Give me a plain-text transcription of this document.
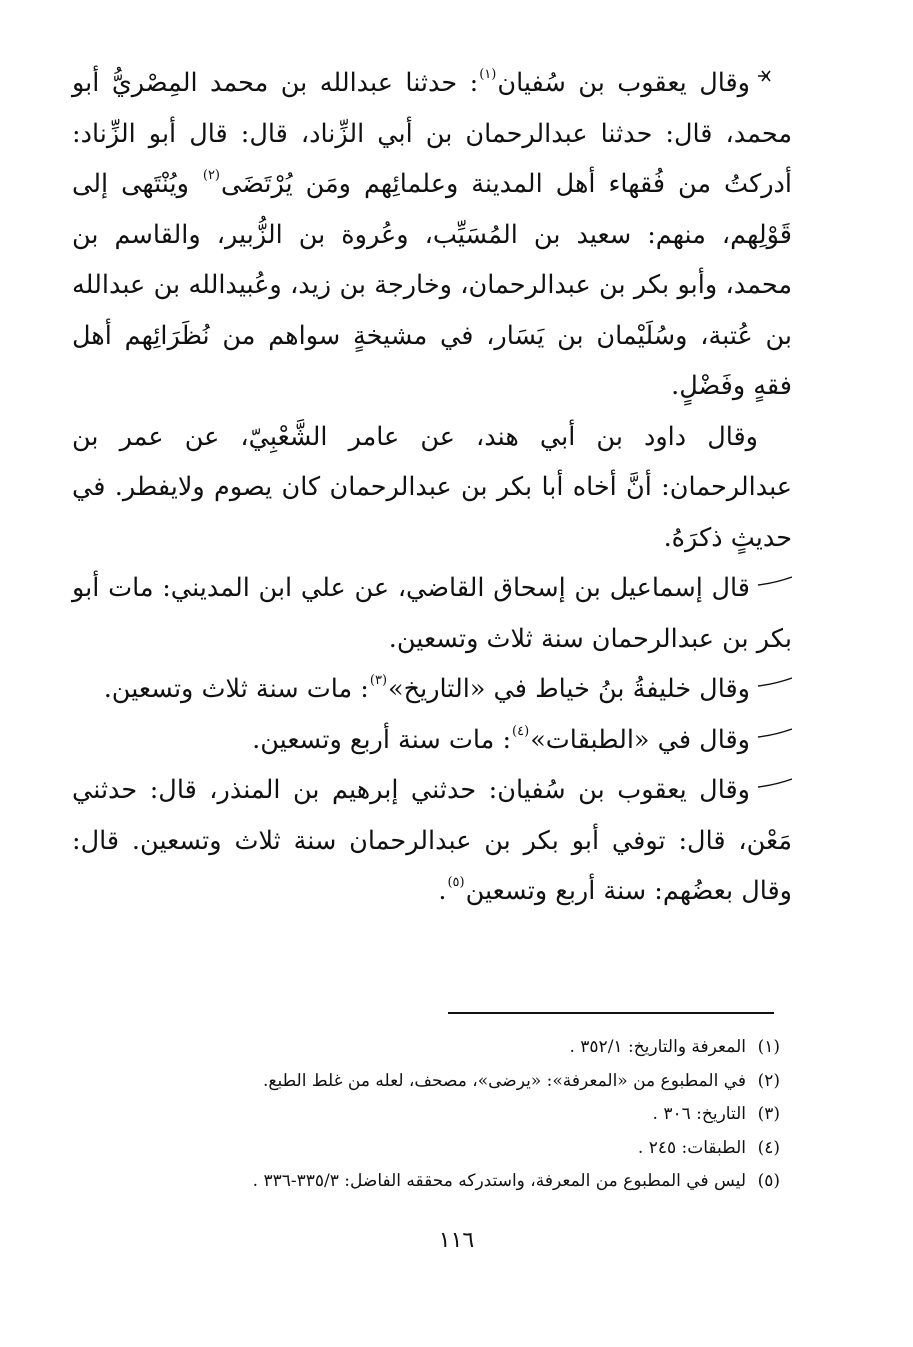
وقال يعقوب بن سُفيان$^{(١)}$: حدثنا عبدالله بن محمد المِصْريُّ أبو محمد، قال: حدثنا عبدالرحمان بن أبي الزِّناد، قال: قال أبو الزِّناد: أدركتُ من فُقهاء أهل المدينة وعلمائِهم ومَن يُرْتَضَى$^{(٢)}$ ويُنْتَهى إلى قَوْلِهم، منهم: سعيد بن المُسَيِّب، وعُروة بن الزُّبير، والقاسم بن محمد، وأبو بكر بن عبدالرحمان، وخارجة بن زيد، وعُبيدالله بن عبدالله بن عُتبة، وسُلَيْمان بن يَسَار، في مشيخةٍ سواهم من نُظَرَائِهم أهل فقهٍ وفَضْلٍ.

وقال داود بن أبي هند، عن عامر الشَّعْبِيّ، عن عمر بن عبدالرحمان: أنَّ أخاه أبا بكر بن عبدالرحمان كان يصوم ولايفطر. في حديثٍ ذكرَهُ.

قال إسماعيل بن إسحاق القاضي، عن علي ابن المديني: مات أبو بكر بن عبدالرحمان سنة ثلاث وتسعين.

وقال خليفةُ بنُ خياط في «التاريخ»$^{(٣)}$: مات سنة ثلاث وتسعين.

وقال في «الطبقات»$^{(٤)}$: مات سنة أربع وتسعين.

وقال يعقوب بن سُفيان: حدثني إبرهيم بن المنذر، قال: حدثني مَعْن، قال: توفي أبو بكر بن عبدالرحمان سنة ثلاث وتسعين. قال: وقال بعضُهم: سنة أربع وتسعين$^{(٥)}$.

(١)المعرفة والتاريخ: ٣٥٢/١ .

(٢)في المطبوع من «المعرفة»: «يرضى»، مصحف، لعله من غلط الطبع.

(٣)التاريخ: ٣٠٦ .

(٤)الطبقات: ٢٤٥ .

(٥)ليس في المطبوع من المعرفة، واستدركه محققه الفاضل: ٣٣٥/٣-٣٣٦ .

١١٦
